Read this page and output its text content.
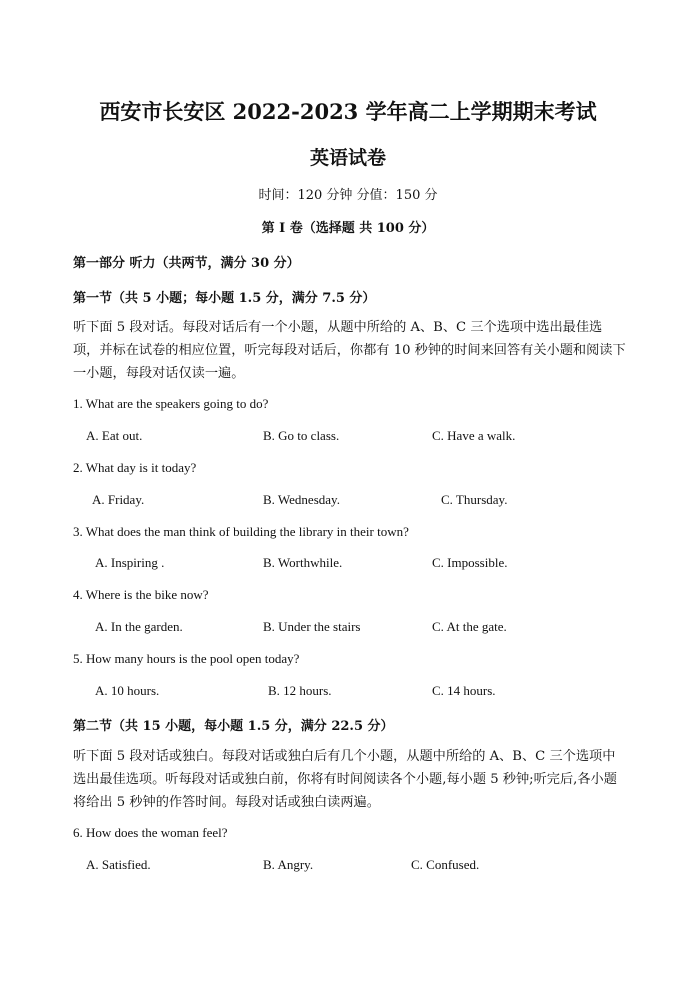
西安市长安区 2022-2023 学年高二上学期期末考试
英语试卷
时间：120 分钟 分值：150 分
第 I 卷（选择题 共 100 分）
第一部分 听力（共两节，满分 30 分）
第一节（共 5 小题；每小题 1.5 分，满分 7.5 分）
听下面 5 段对话。每段对话后有一个小题，从题中所给的 A、B、C 三个选项中选出最佳选项，并标在试卷的相应位置，听完每段对话后，你都有 10 秒钟的时间来回答有关小题和阅读下一小题，每段对话仅读一遍。
1. What are the speakers going to do?
A. Eat out.	B. Go to class.	C. Have a walk.
2. What day is it today?
A. Friday.	B. Wednesday.	C. Thursday.
3. What does the man think of building the library in their town?
A. Inspiring .	B. Worthwhile.	C. Impossible.
4. Where is the bike now?
A. In the garden.	B. Under the stairs	C. At the gate.
5. How many hours is the pool open today?
A. 10 hours.	B. 12 hours.	C. 14 hours.
第二节（共 15 小题，每小题 1.5 分，满分 22.5 分）
听下面 5 段对话或独白。每段对话或独白后有几个小题，从题中所给的 A、B、C 三个选项中选出最佳选项。听每段对话或独白前，你将有时间阅读各个小题,每小题 5 秒钟;听完后,各小题将给出 5 秒钟的作答时间。每段对话或独白读两遍。
6. How does the woman feel?
A. Satisfied.	B. Angry.	C. Confused.
